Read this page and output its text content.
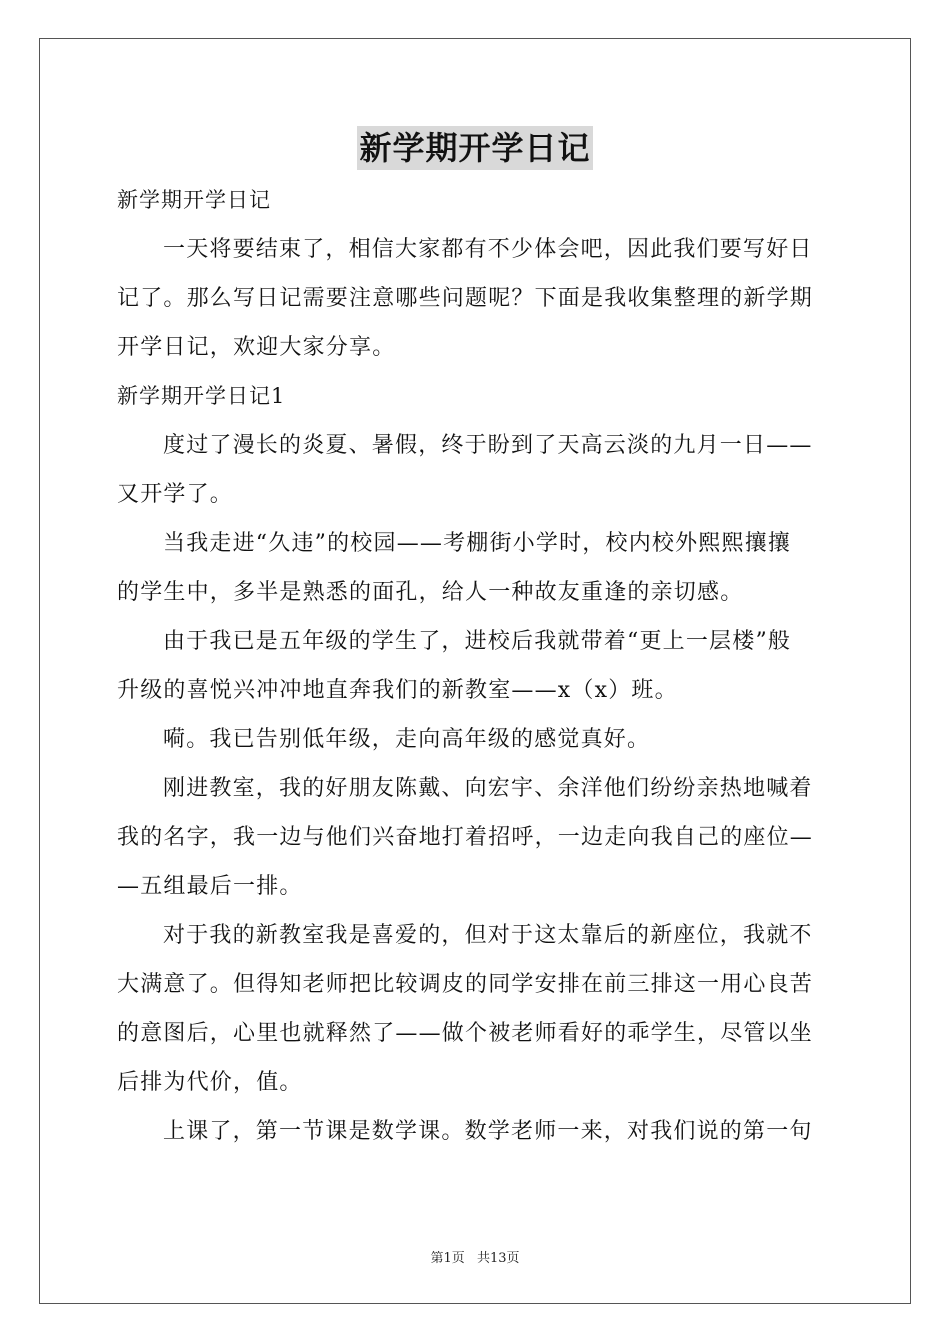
新学期开学日记
新学期开学日记
一天将要结束了，相信大家都有不少体会吧，因此我们要写好日
记了。那么写日记需要注意哪些问题呢？下面是我收集整理的新学期
开学日记，欢迎大家分享。
新学期开学日记1
度过了漫长的炎夏、暑假，终于盼到了天高云淡的九月一日——
又开学了。
当我走进“久违”的校园——考棚街小学时，校内校外熙熙攘攘
的学生中，多半是熟悉的面孔，给人一种故友重逢的亲切感。
由于我已是五年级的学生了，进校后我就带着“更上一层楼”般
升级的喜悦兴冲冲地直奔我们的新教室——x（x）班。
嗬。我已告别低年级，走向高年级的感觉真好。
刚进教室，我的好朋友陈戴、向宏宇、余洋他们纷纷亲热地喊着
我的名字，我一边与他们兴奋地打着招呼，一边走向我自己的座位—
—五组最后一排。
对于我的新教室我是喜爱的，但对于这太靠后的新座位，我就不
大满意了。但得知老师把比较调皮的同学安排在前三排这一用心良苦
的意图后，心里也就释然了——做个被老师看好的乖学生，尽管以坐
后排为代价，值。
上课了，第一节课是数学课。数学老师一来，对我们说的第一句
第1页 共13页
